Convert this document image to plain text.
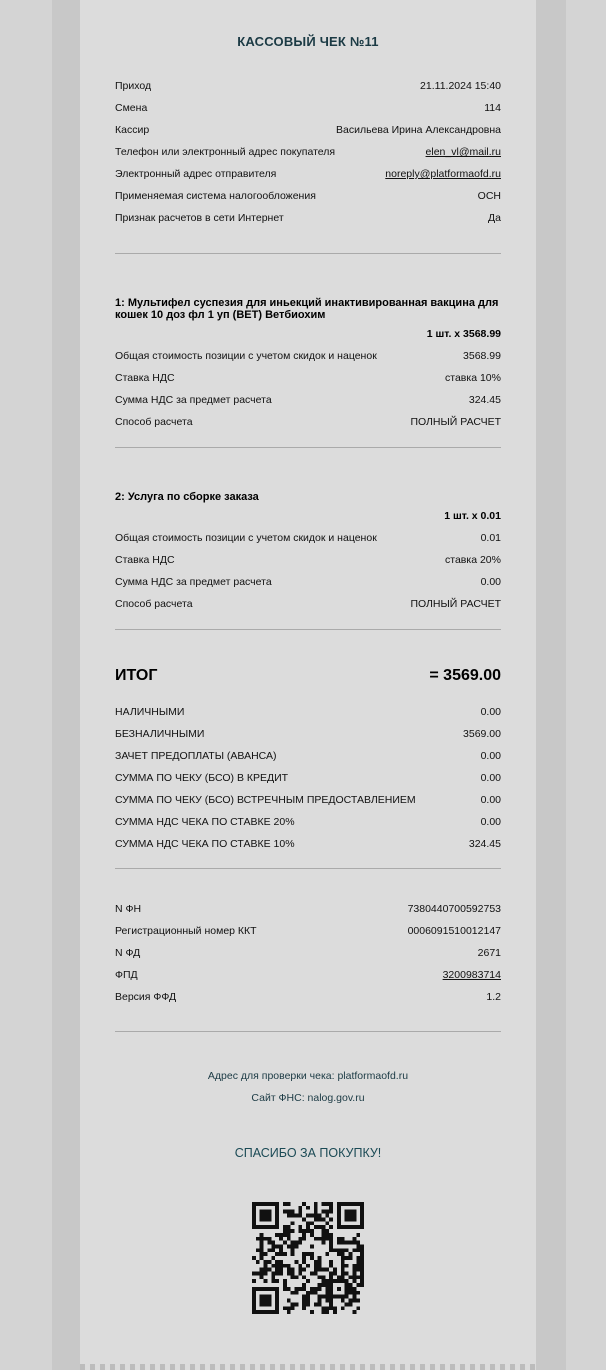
КАССОВЫЙ ЧЕК №11
Приход	21.11.2024 15:40
Смена	114
Кассир	Васильева Ирина Александровна
Телефон или электронный адрес покупателя	elen_vl@mail.ru
Электронный адрес отправителя	noreply@platformaofd.ru
Применяемая система налогообложения	ОСН
Признак расчетов в сети Интернет	Да
1: Мультифел суспезия для иньекций инактивированная вакцина для кошек 10 доз фл 1 уп (ВЕТ) Ветбиохим
1 шт. x 3568.99
Общая стоимость позиции с учетом скидок и наценок	3568.99
Ставка НДС	ставка 10%
Сумма НДС за предмет расчета	324.45
Способ расчета	ПОЛНЫЙ РАСЧЕТ
2: Услуга по сборке заказа
1 шт. x 0.01
Общая стоимость позиции с учетом скидок и наценок	0.01
Ставка НДС	ставка 20%
Сумма НДС за предмет расчета	0.00
Способ расчета	ПОЛНЫЙ РАСЧЕТ
ИТОГ	= 3569.00
НАЛИЧНЫМИ	0.00
БЕЗНАЛИЧНЫМИ	3569.00
ЗАЧЕТ ПРЕДОПЛАТЫ (АВАНСА)	0.00
СУММА ПО ЧЕКУ (БСО) В КРЕДИТ	0.00
СУММА ПО ЧЕКУ (БСО) ВСТРЕЧНЫМ ПРЕДОСТАВЛЕНИЕМ	0.00
СУММА НДС ЧЕКА ПО СТАВКЕ 20%	0.00
СУММА НДС ЧЕКА ПО СТАВКЕ 10%	324.45
N ФН	7380440700592753
Регистрационный номер ККТ	0006091510012147
N ФД	2671
ФПД	3200983714
Версия ФФД	1.2
Адрес для проверки чека: platformaofd.ru
Сайт ФНС: nalog.gov.ru
СПАСИБО ЗА ПОКУПКУ!
